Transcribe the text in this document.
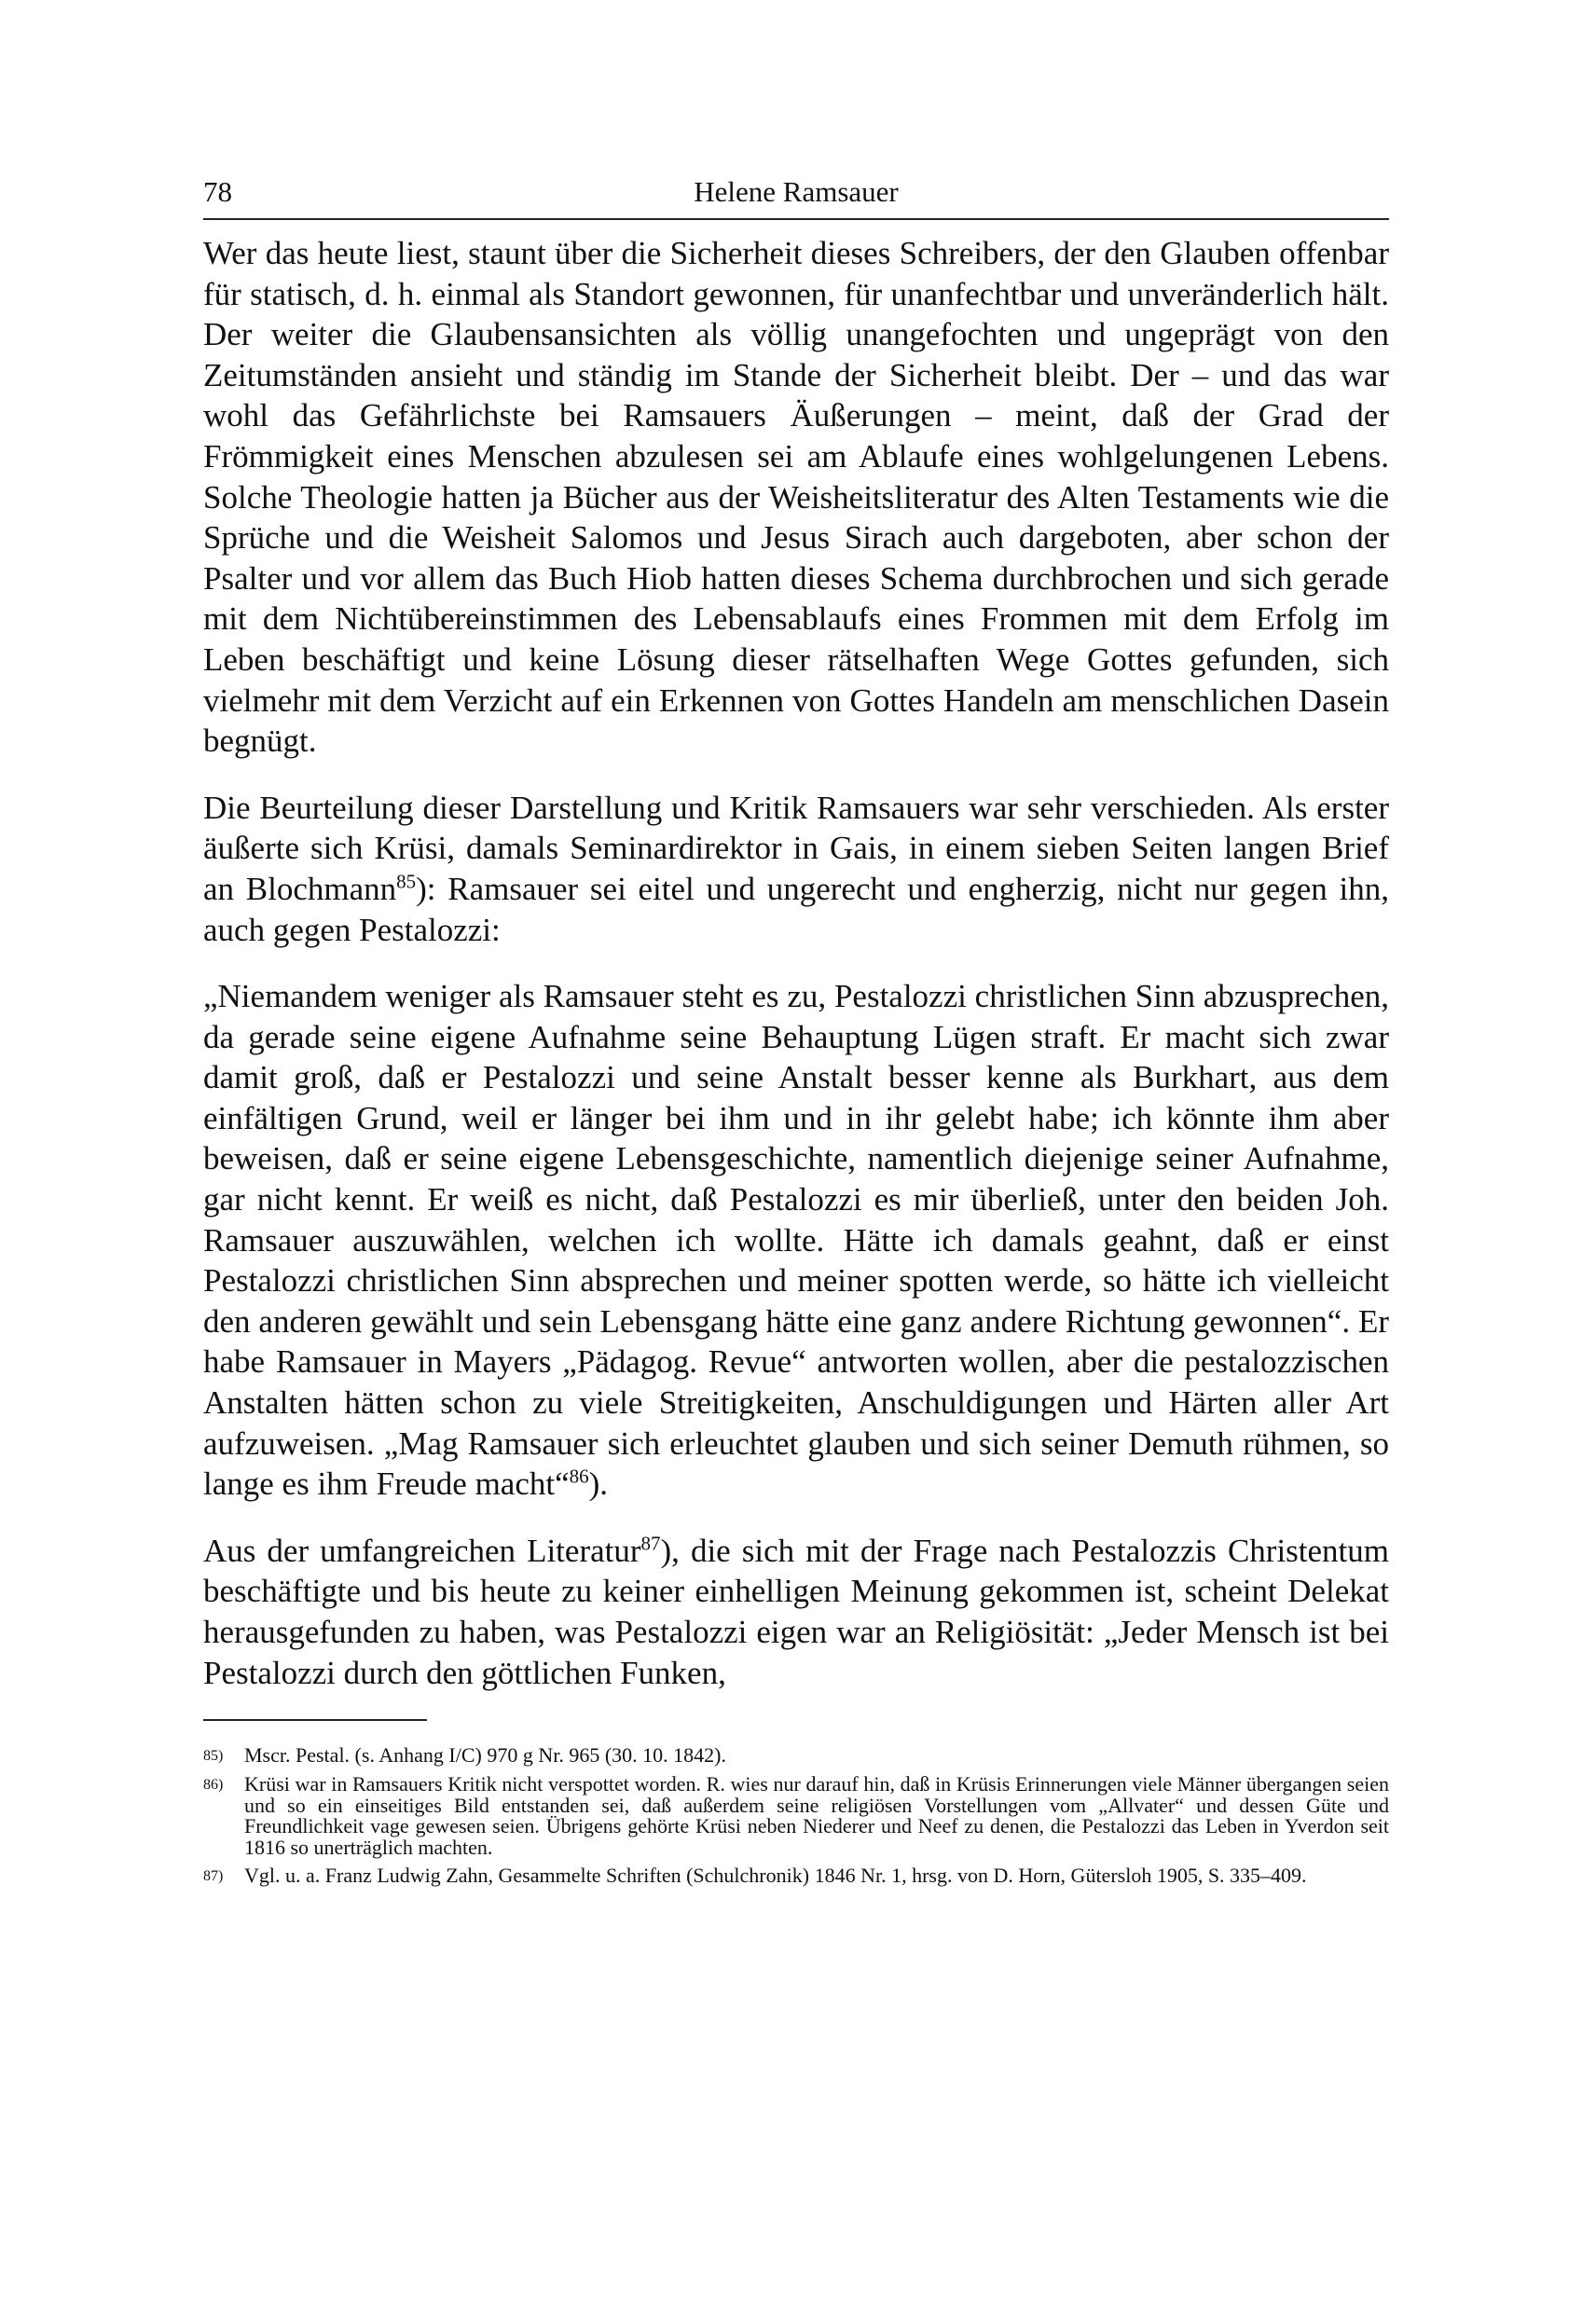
78	Helene Ramsauer

Wer das heute liest, staunt über die Sicherheit dieses Schreibers, der den Glauben offenbar für statisch, d. h. einmal als Standort gewonnen, für unanfechtbar und unveränderlich hält. Der weiter die Glaubensansichten als völlig unangefochten und ungeprägt von den Zeitumständen ansieht und ständig im Stande der Sicherheit bleibt. Der – und das war wohl das Gefährlichste bei Ramsauers Äußerungen – meint, daß der Grad der Frömmigkeit eines Menschen abzulesen sei am Ablaufe eines wohlgelungenen Lebens. Solche Theologie hatten ja Bücher aus der Weisheitsliteratur des Alten Testaments wie die Sprüche und die Weisheit Salomos und Jesus Sirach auch dargeboten, aber schon der Psalter und vor allem das Buch Hiob hatten dieses Schema durchbrochen und sich gerade mit dem Nichtübereinstimmen des Lebensablaufs eines Frommen mit dem Erfolg im Leben beschäftigt und keine Lösung dieser rätselhaften Wege Gottes gefunden, sich vielmehr mit dem Verzicht auf ein Erkennen von Gottes Handeln am menschlichen Dasein begnügt.

Die Beurteilung dieser Darstellung und Kritik Ramsauers war sehr verschieden. Als erster äußerte sich Krüsi, damals Seminardirektor in Gais, in einem sieben Seiten langen Brief an Blochmann$^{85}$): Ramsauer sei eitel und ungerecht und engherzig, nicht nur gegen ihn, auch gegen Pestalozzi:

„Niemandem weniger als Ramsauer steht es zu, Pestalozzi christlichen Sinn abzusprechen, da gerade seine eigene Aufnahme seine Behauptung Lügen straft. Er macht sich zwar damit groß, daß er Pestalozzi und seine Anstalt besser kenne als Burkhart, aus dem einfältigen Grund, weil er länger bei ihm und in ihr gelebt habe; ich könnte ihm aber beweisen, daß er seine eigene Lebensgeschichte, namentlich diejenige seiner Aufnahme, gar nicht kennt. Er weiß es nicht, daß Pestalozzi es mir überließ, unter den beiden Joh. Ramsauer auszuwählen, welchen ich wollte. Hätte ich damals geahnt, daß er einst Pestalozzi christlichen Sinn absprechen und meiner spotten werde, so hätte ich vielleicht den anderen gewählt und sein Lebensgang hätte eine ganz andere Richtung gewonnen“. Er habe Ramsauer in Mayers „Pädagog. Revue“ antworten wollen, aber die pestalozzischen Anstalten hätten schon zu viele Streitigkeiten, Anschuldigungen und Härten aller Art aufzuweisen. „Mag Ramsauer sich erleuchtet glauben und sich seiner Demuth rühmen, so lange es ihm Freude macht“$^{86}$).

Aus der umfangreichen Literatur$^{87}$), die sich mit der Frage nach Pestalozzis Christentum beschäftigte und bis heute zu keiner einhelligen Meinung gekommen ist, scheint Delekat herausgefunden zu haben, was Pestalozzi eigen war an Religiösität: „Jeder Mensch ist bei Pestalozzi durch den göttlichen Funken,

85)	Mscr. Pestal. (s. Anhang I/C) 970 g Nr. 965 (30. 10. 1842).
86)	Krüsi war in Ramsauers Kritik nicht verspottet worden. R. wies nur darauf hin, daß in Krüsis Erinnerungen viele Männer übergangen seien und so ein einseitiges Bild entstanden sei, daß außerdem seine religiösen Vorstellungen vom „Allvater“ und dessen Güte und Freundlichkeit vage gewesen seien. Übrigens gehörte Krüsi neben Niederer und Neef zu denen, die Pestalozzi das Leben in Yverdon seit 1816 so unerträglich machten.
87)	Vgl. u. a. Franz Ludwig Zahn, Gesammelte Schriften (Schulchronik) 1846 Nr. 1, hrsg. von D. Horn, Gütersloh 1905, S. 335–409.
